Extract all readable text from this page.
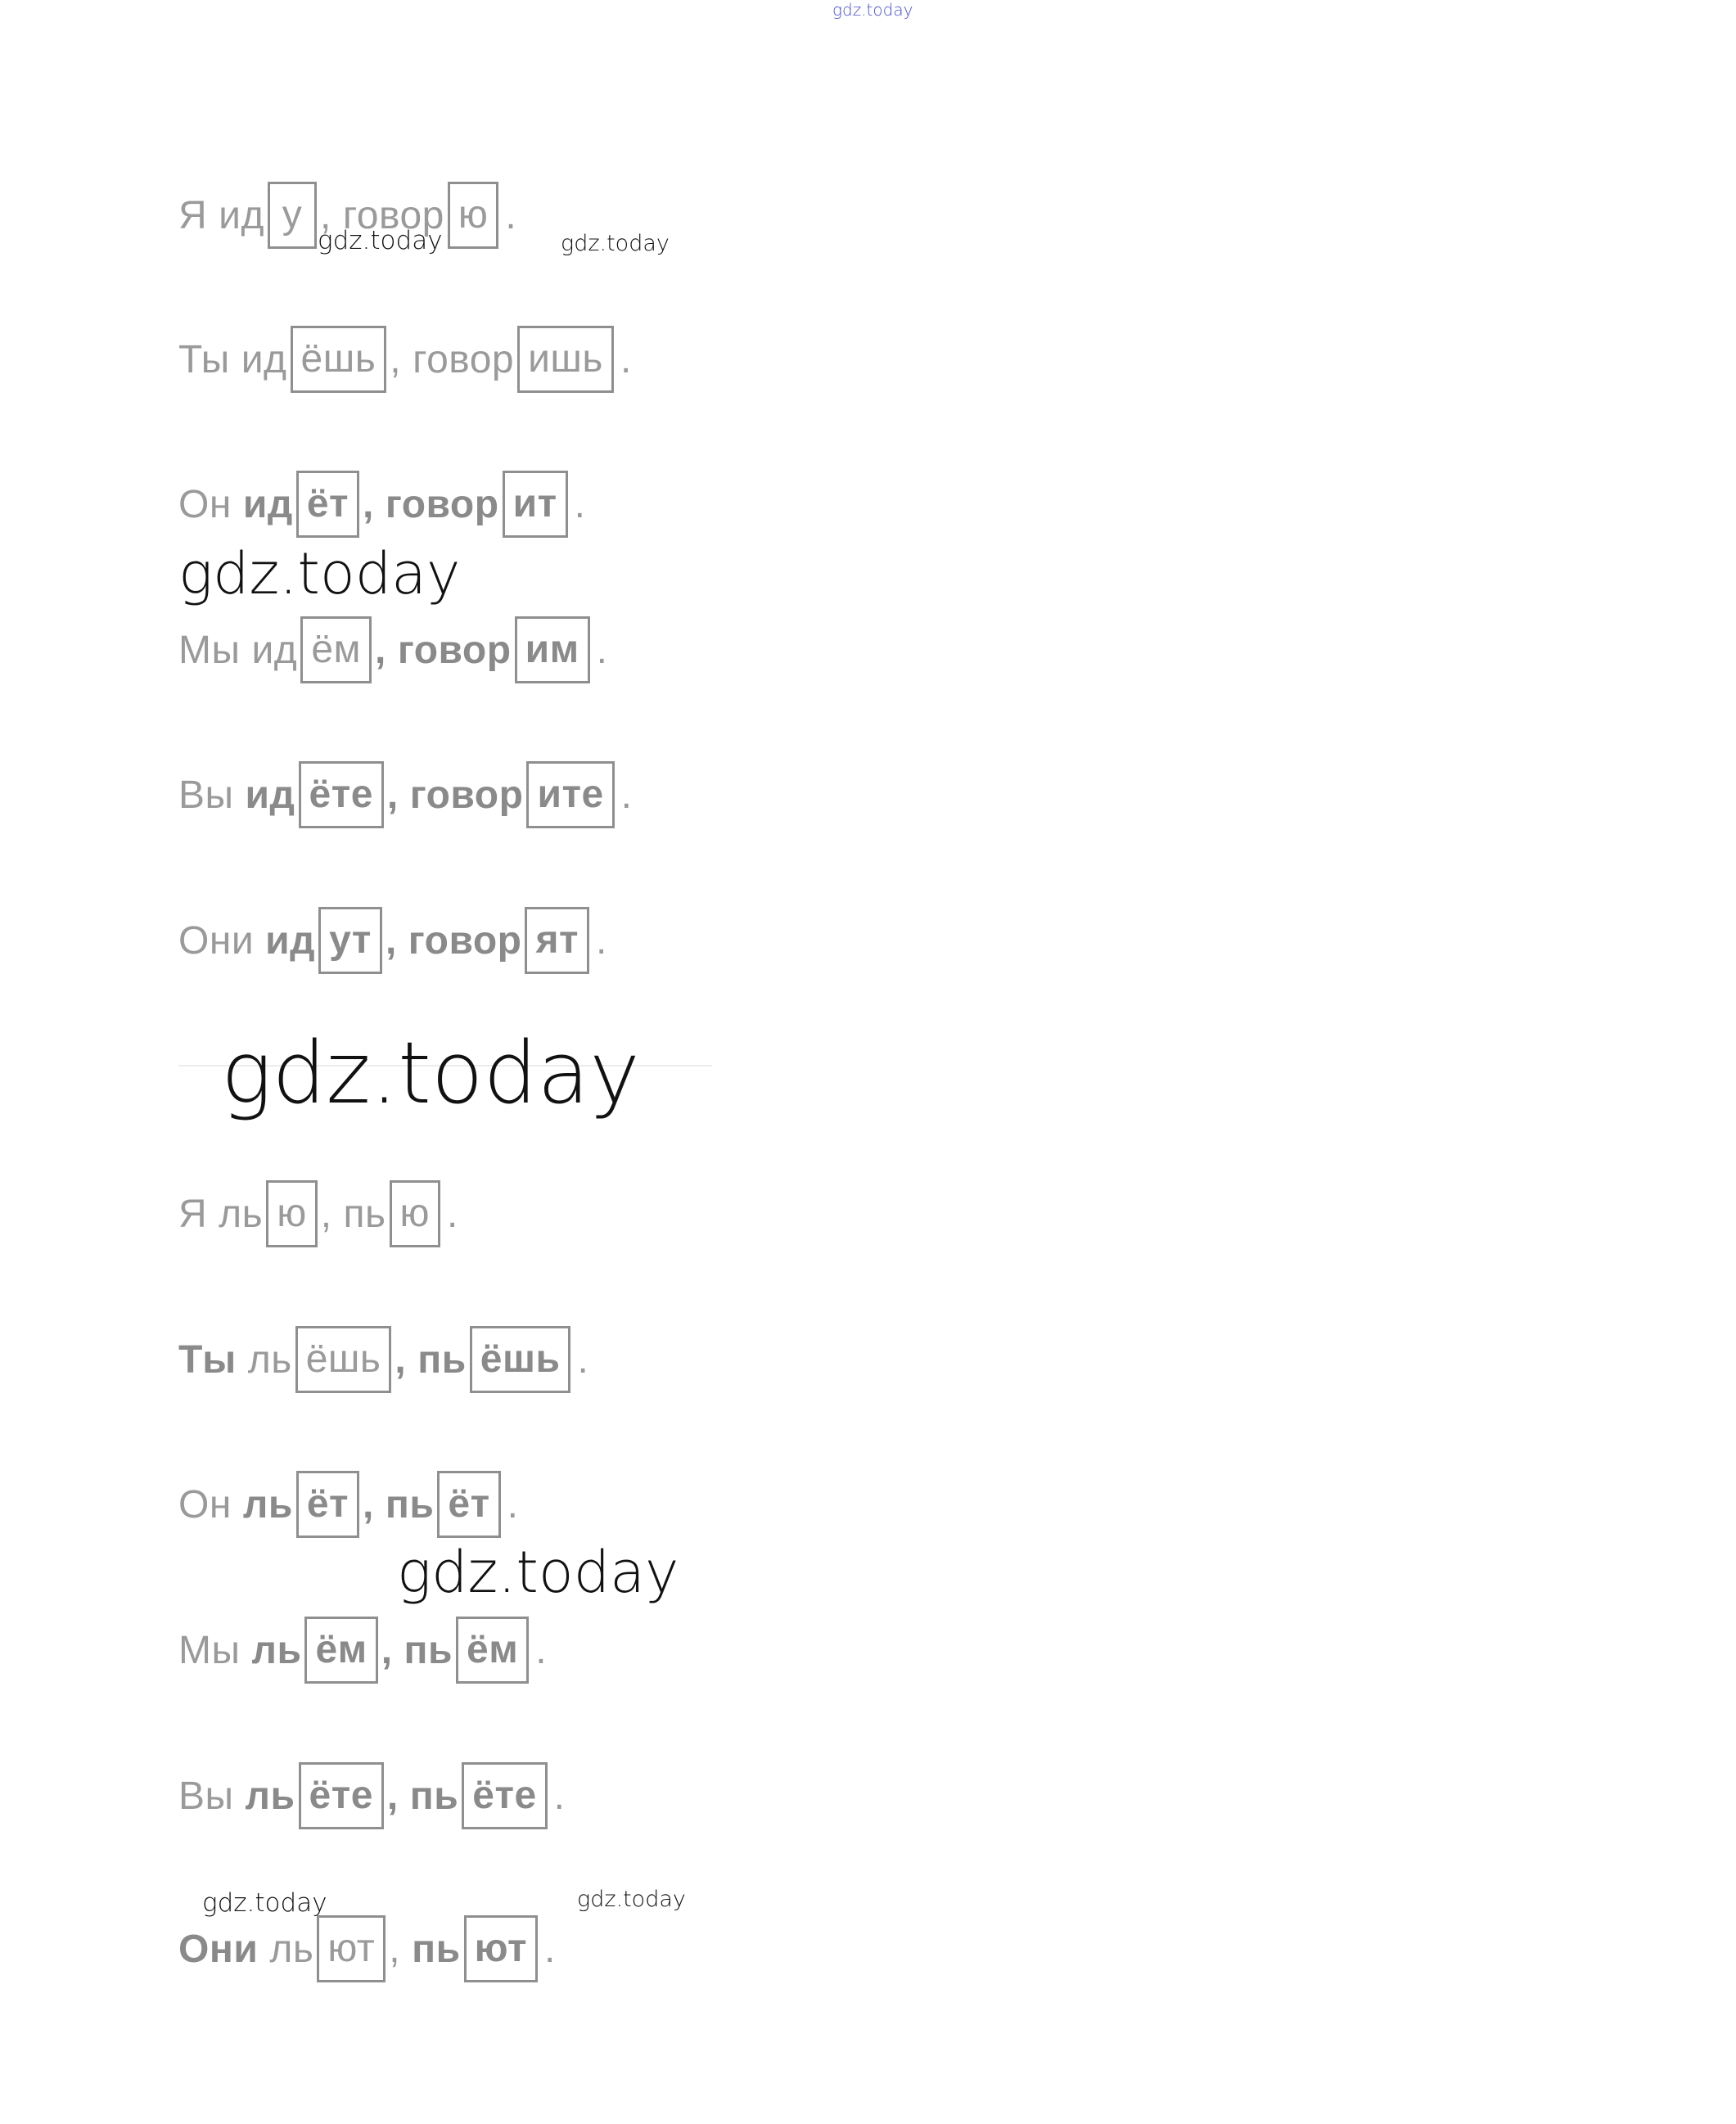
gdz.today
Я ид у , говор ю .
Ты ид ёшь , говор ишь .
Он ид ёт , говор ит .
gdz.today
Мы ид ём , говор им .
Вы ид ёте , говор ите .
Они ид ут , говор ят .
gdz.today
Я ль ю , пь ю .
Ты ль ёшь , пь ёшь .
Он ль ёт , пь ёт .
gdz.today
Мы ль ём , пь ём .
Вы ль ёте , пь ёте .
gdz.today	gdz.today
Они ль ют , пь ют .
gdz.today	gdz.today
